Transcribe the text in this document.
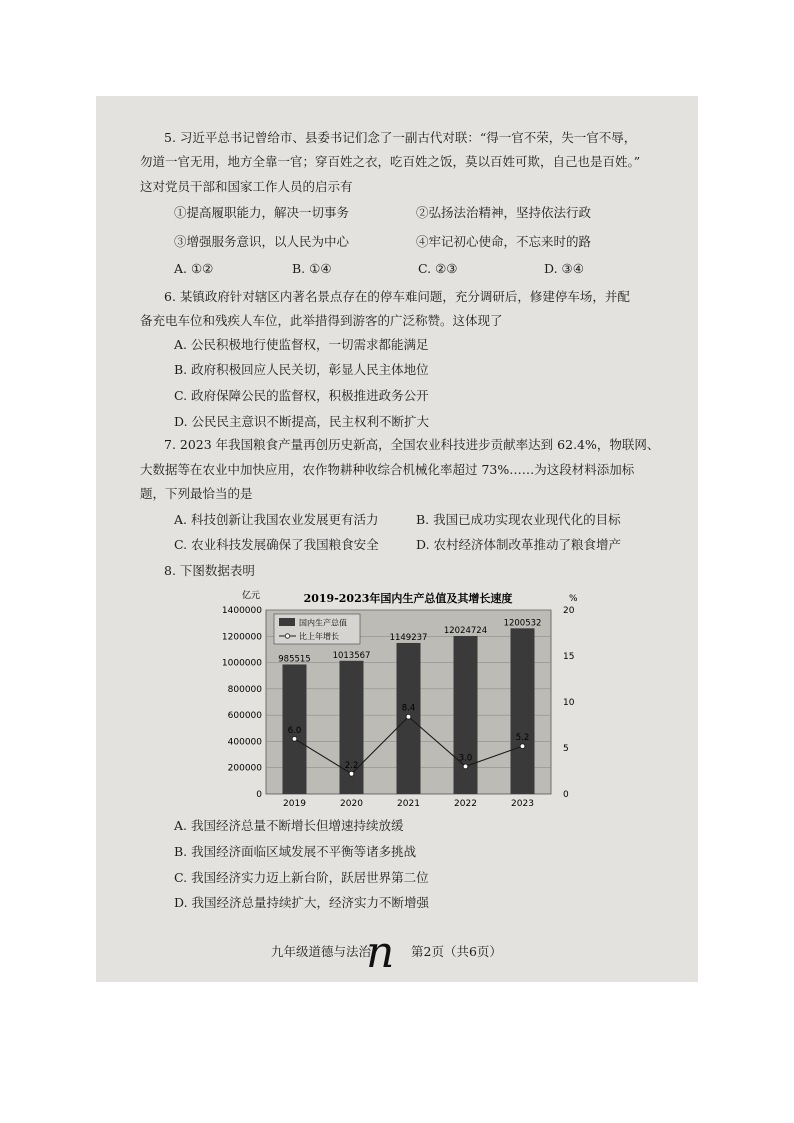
5. 习近平总书记曾给市、县委书记们念了一副古代对联：“得一官不荣，失一官不辱，
勿道一官无用，地方全靠一官；穿百姓之衣，吃百姓之饭，莫以百姓可欺，自己也是百姓。”
这对党员干部和国家工作人员的启示有
①提高履职能力，解决一切事务	②弘扬法治精神，坚持依法行政
③增强服务意识，以人民为中心	④牢记初心使命，不忘来时的路
A. ①②	B. ①④	C. ②③	D. ③④
6. 某镇政府针对辖区内著名景点存在的停车难问题，充分调研后，修建停车场，并配
备充电车位和残疾人车位，此举措得到游客的广泛称赞。这体现了
A. 公民积极地行使监督权，一切需求都能满足
B. 政府积极回应人民关切，彰显人民主体地位
C. 政府保障公民的监督权，积极推进政务公开
D. 公民民主意识不断提高，民主权利不断扩大
7. 2023 年我国粮食产量再创历史新高，全国农业科技进步贡献率达到 62.4%，物联网、
大数据等在农业中加快应用，农作物耕种收综合机械化率超过 73%……为这段材料添加标
题，下列最恰当的是
A. 科技创新让我国农业发展更有活力	B. 我国已成功实现农业现代化的目标
C. 农业科技发展确保了我国粮食安全	D. 农村经济体制改革推动了粮食增产
8. 下图数据表明
2019-2023年国内生产总值及其增长速度
亿元	%
0
200000
400000
600000
800000
1000000
1200000
1400000
0
5
10
15
20
985515	1013567
1149237
12024724
1200532
6.0
2.2
8.4
3.0
5.2
2019	2020	2021	2022	2023
国内生产总值
比上年增长
A. 我国经济总量不断增长但增速持续放缓
B. 我国经济面临区域发展不平衡等诸多挑战
C. 我国经济实力迈上新台阶，跃居世界第二位
D. 我国经济总量持续扩大，经济实力不断增强
九年级道德与法治
n 第2页（共6页）
